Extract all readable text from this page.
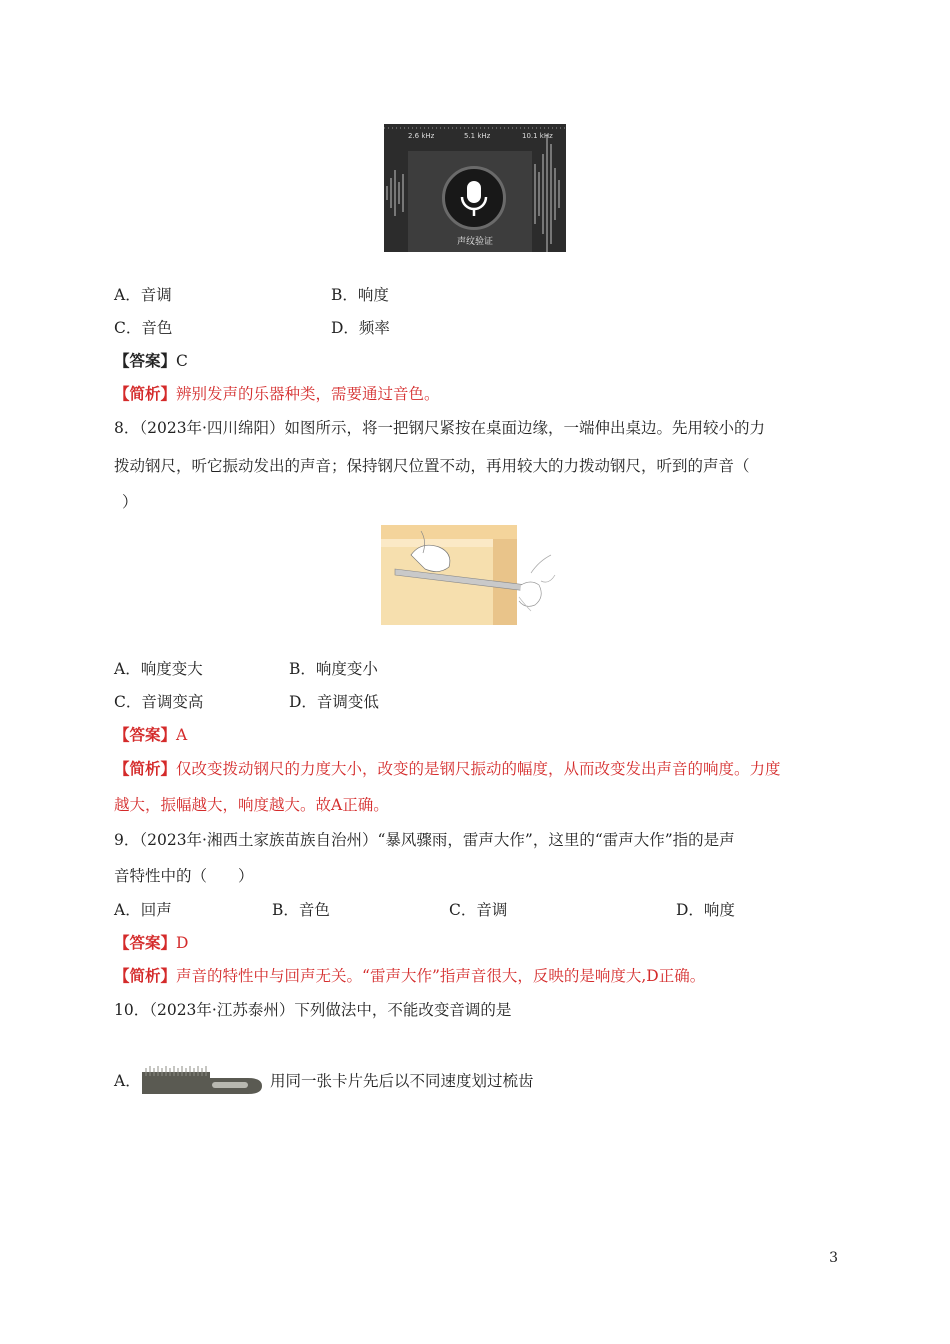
2.6 kHz	5.1 kHz	10.1 kHz
声纹验证
A．音调	B．响度
C．音色	D．频率
【答案】C
【简析】辨别发声的乐器种类，需要通过音色。
8．（2023年·四川绵阳）如图所示，将一把钢尺紧按在桌面边缘，一端伸出桌边。先用较小的力
拨动钢尺，听它振动发出的声音；保持钢尺位置不动，再用较大的力拨动钢尺，听到的声音（
）
A．响度变大	B．响度变小
C．音调变高	D．音调变低
【答案】A
【简析】仅改变拨动钢尺的力度大小，改变的是钢尺振动的幅度，从而改变发出声音的响度。力度
越大，振幅越大，响度越大。故A正确。
9．（2023年·湘西土家族苗族自治州）“暴风骤雨，雷声大作”，这里的“雷声大作”指的是声
音特性中的（　　）
A．回声	B．音色	C．音调	D．响度
【答案】D
【简析】声音的特性中与回声无关。“雷声大作”指声音很大，反映的是响度大,D正确。
10．（2023年·江苏泰州）下列做法中，不能改变音调的是
A．	用同一张卡片先后以不同速度划过梳齿
3
